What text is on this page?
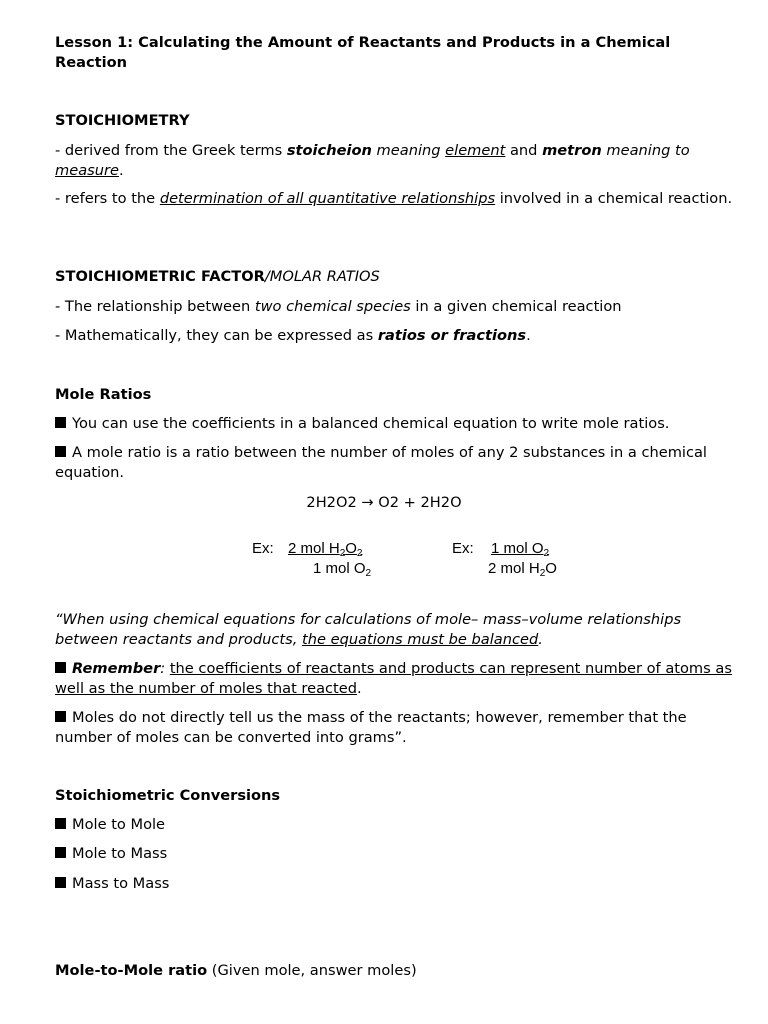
Lesson 1: Calculating the Amount of Reactants and Products in a Chemical Reaction

STOICHIOMETRY

- derived from the Greek terms stoicheion meaning element and metron meaning to measure.

- refers to the determination of all quantitative relationships involved in a chemical reaction.

STOICHIOMETRIC FACTOR/MOLAR RATIOS

- The relationship between two chemical species in a given chemical reaction

- Mathematically, they can be expressed as ratios or fractions.

Mole Ratios

You can use the coefficients in a balanced chemical equation to write mole ratios.

A mole ratio is a ratio between the number of moles of any 2 substances in a chemical equation.

2H2O2 → O2 + 2H2O

Ex: 2 mol $H_2O_2$
1 mol $O_2$
Ex: 1 mol $O_2$
2 mol $H_2O$

“When using chemical equations for calculations of mole– mass–volume relationships between reactants and products, the equations must be balanced.

Remember: the coefficients of reactants and products can represent number of atoms as well as the number of moles that reacted.

Moles do not directly tell us the mass of the reactants; however, remember that the number of moles can be converted into grams”.

Stoichiometric Conversions

Mole to Mole

Mole to Mass

Mass to Mass

Mole-to-Mole ratio (Given mole, answer moles)
